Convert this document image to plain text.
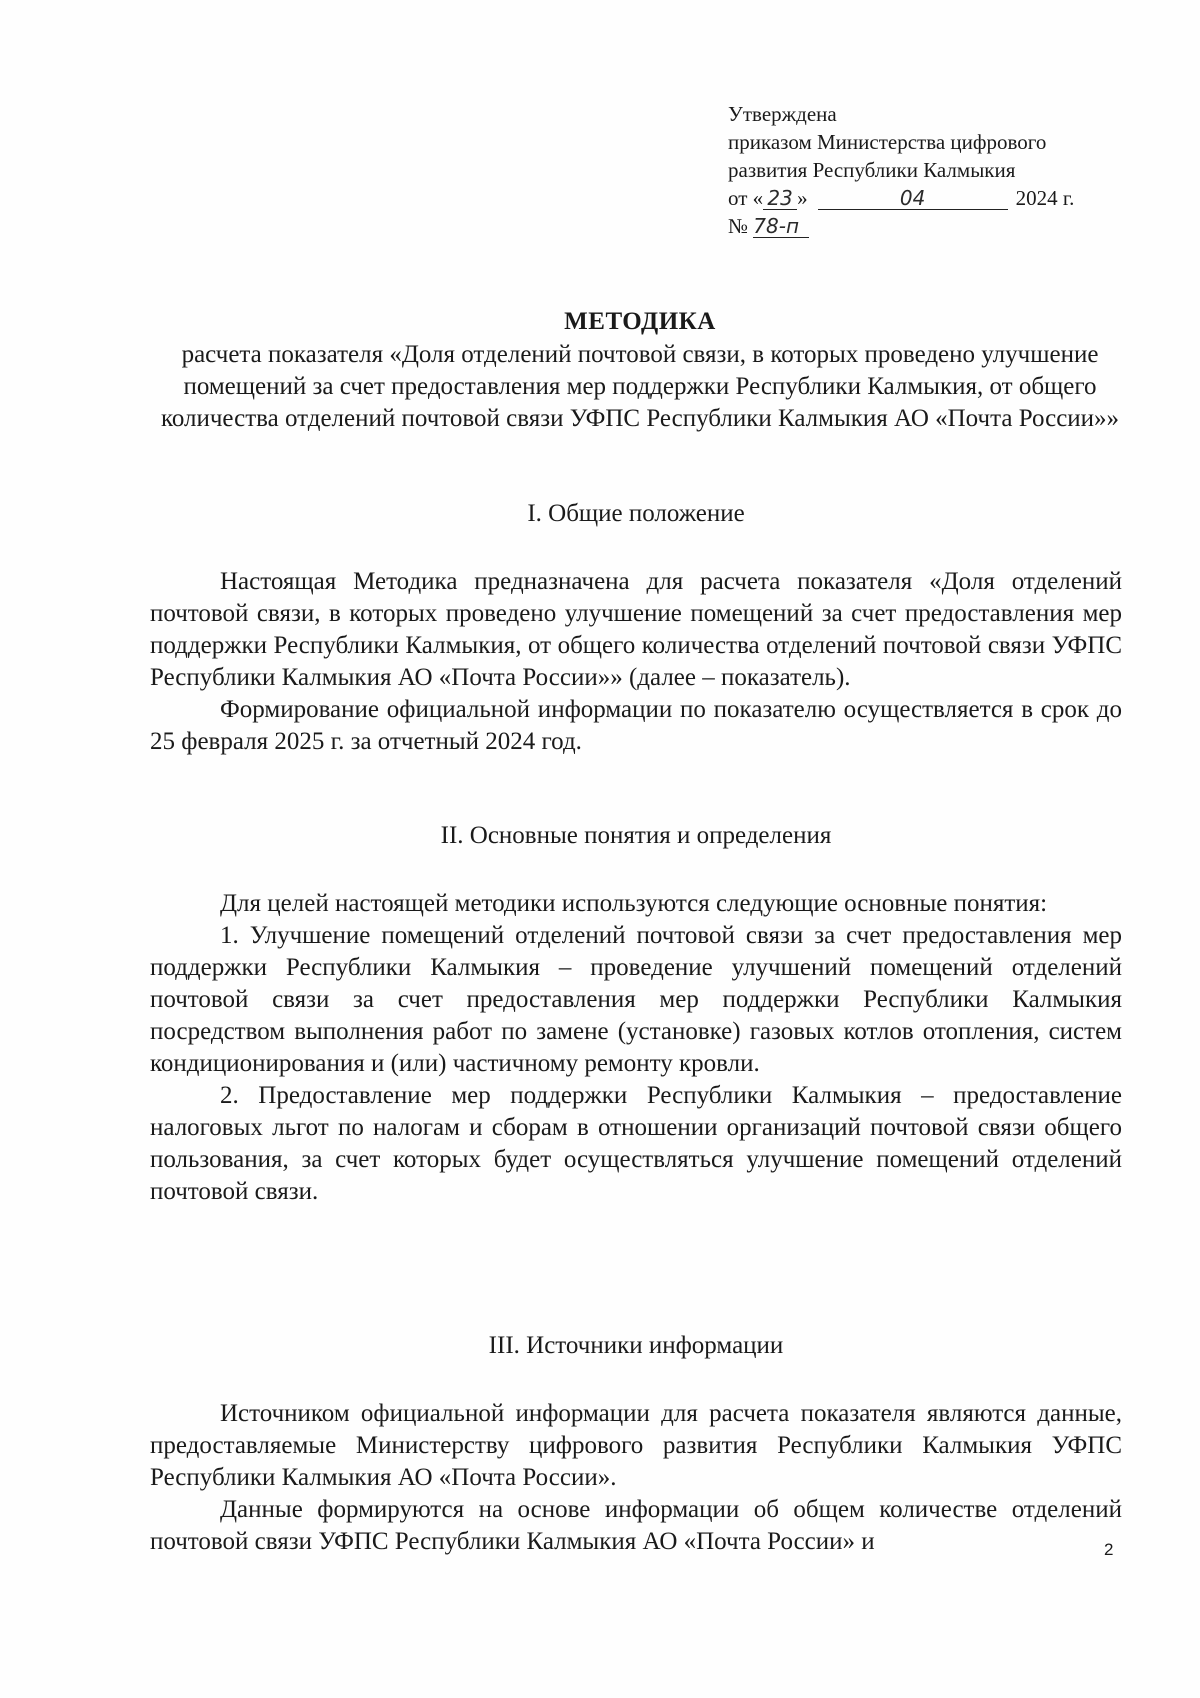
Утверждена
приказом Министерства цифрового
развития Республики Калмыкия
от « 23 »	04	2024 г.
№ 78-п
МЕТОДИКА

расчета показателя «Доля отделений почтовой связи, в которых проведено улучшение помещений за счет предоставления мер поддержки Республики Калмыкия, от общего количества отделений почтовой связи УФПС Республики Калмыкия АО «Почта России»»

I. Общие положение

Настоящая Методика предназначена для расчета показателя «Доля отделений почтовой связи, в которых проведено улучшение помещений за счет предоставления мер поддержки Республики Калмыкия, от общего количества отделений почтовой связи УФПС Республики Калмыкия АО «Почта России»» (далее – показатель).

Формирование официальной информации по показателю осуществляется в срок до 25 февраля 2025 г. за отчетный 2024 год.

II. Основные понятия и определения

Для целей настоящей методики используются следующие основные понятия:

1. Улучшение помещений отделений почтовой связи за счет предоставления мер поддержки Республики Калмыкия – проведение улучшений помещений отделений почтовой связи за счет предоставления мер поддержки Республики Калмыкия посредством выполнения работ по замене (установке) газовых котлов отопления, систем кондиционирования и (или) частичному ремонту кровли.

2. Предоставление мер поддержки Республики Калмыкия – предоставление налоговых льгот по налогам и сборам в отношении организаций почтовой связи общего пользования, за счет которых будет осуществляться улучшение помещений отделений почтовой связи.

III. Источники информации

Источником официальной информации для расчета показателя являются данные, предоставляемые Министерству цифрового развития Республики Калмыкия УФПС Республики Калмыкия АО «Почта России».

Данные формируются на основе информации об общем количестве отделений почтовой связи УФПС Республики Калмыкия АО «Почта России» и	2
